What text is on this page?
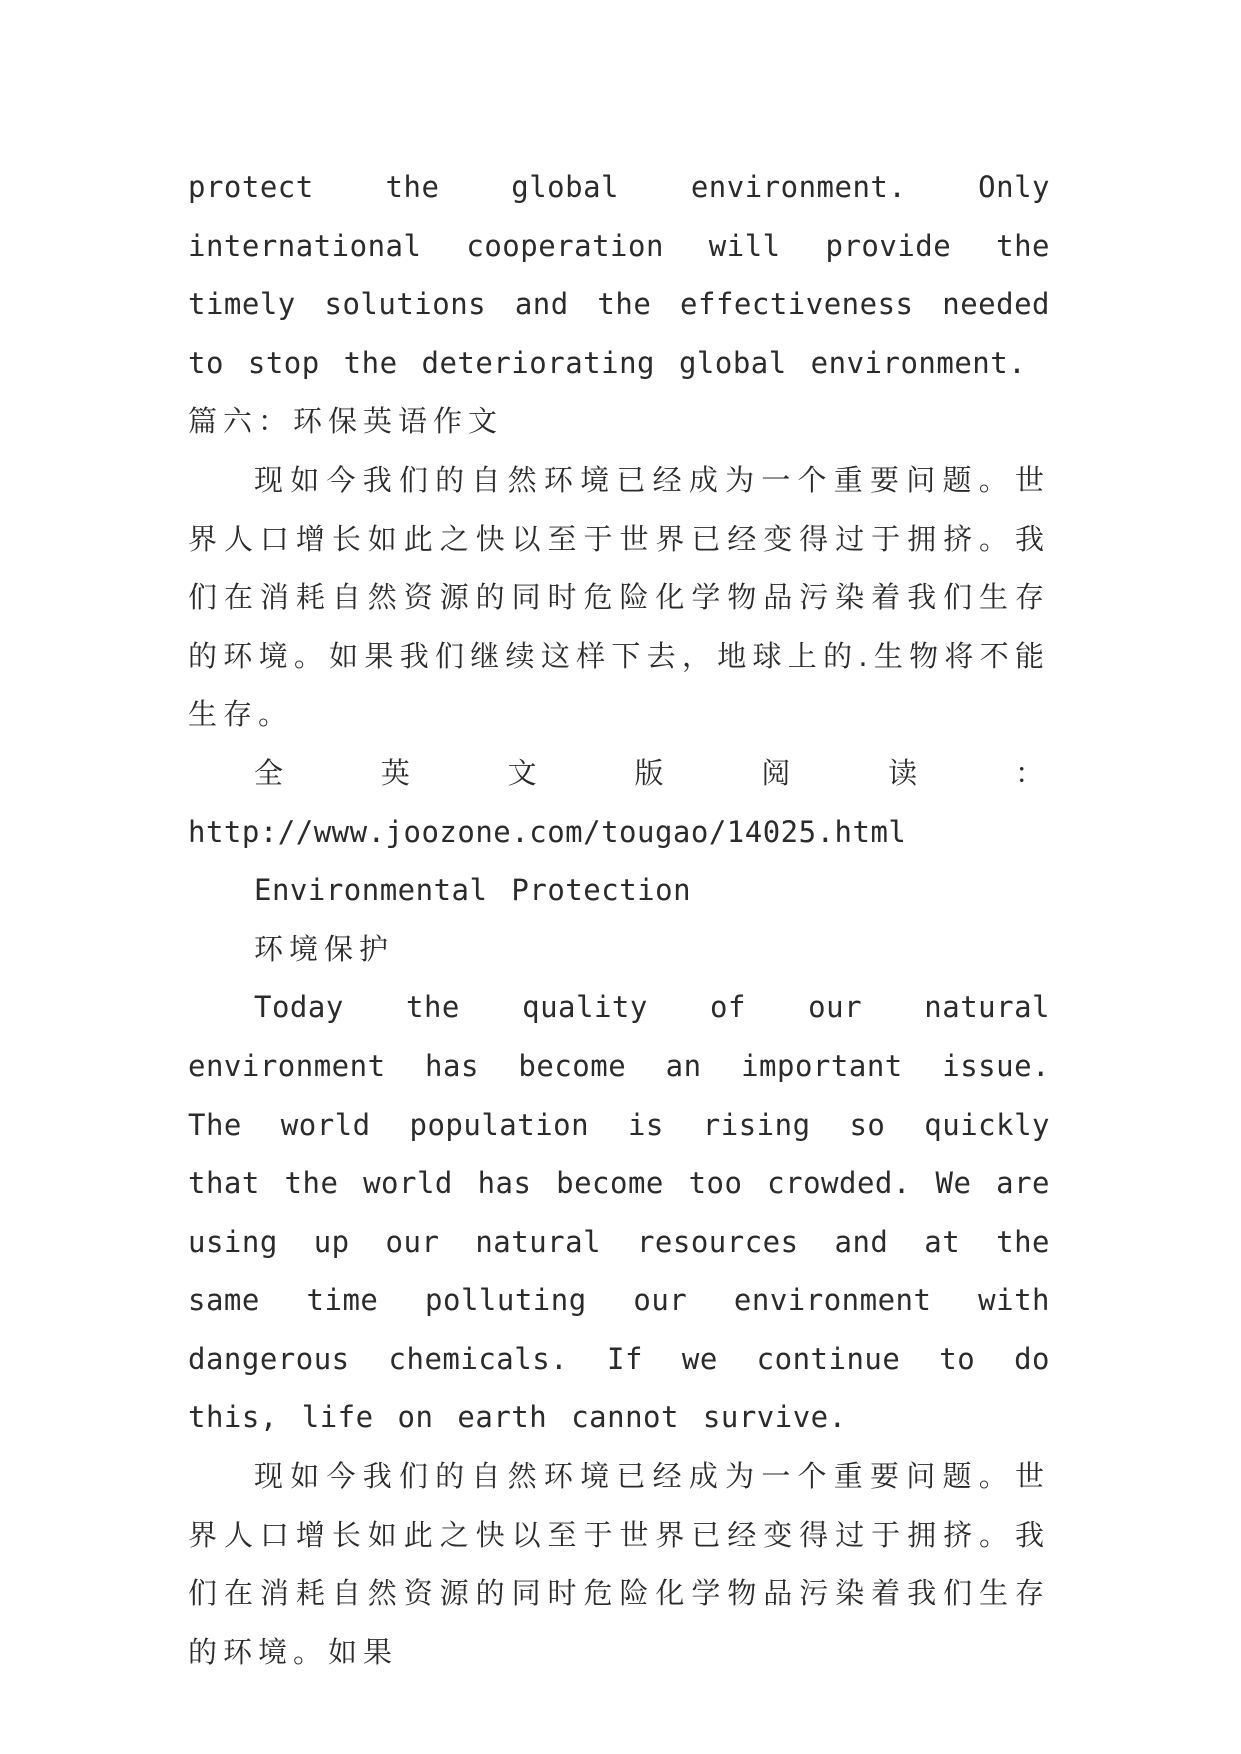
protect the global environment. Only international cooperation will provide the timely solutions and the effectiveness needed to stop the deteriorating global environment.

篇六：环保英语作文

现如今我们的自然环境已经成为一个重要问题。世界人口增长如此之快以至于世界已经变得过于拥挤。我们在消耗自然资源的同时危险化学物品污染着我们生存的环境。如果我们继续这样下去，地球上的.生物将不能生存。

全	英	文	版	阅	读	：

http://www.joozone.com/tougao/14025.html

Environmental Protection

环境保护

Today the quality of our natural environment has become an important issue. The world population is rising so quickly that the world has become too crowded. We are using up our natural resources and at the same time polluting our environment with dangerous chemicals. If we continue to do this, life on earth cannot survive.

现如今我们的自然环境已经成为一个重要问题。世界人口增长如此之快以至于世界已经变得过于拥挤。我们在消耗自然资源的同时危险化学物品污染着我们生存的环境。如果
